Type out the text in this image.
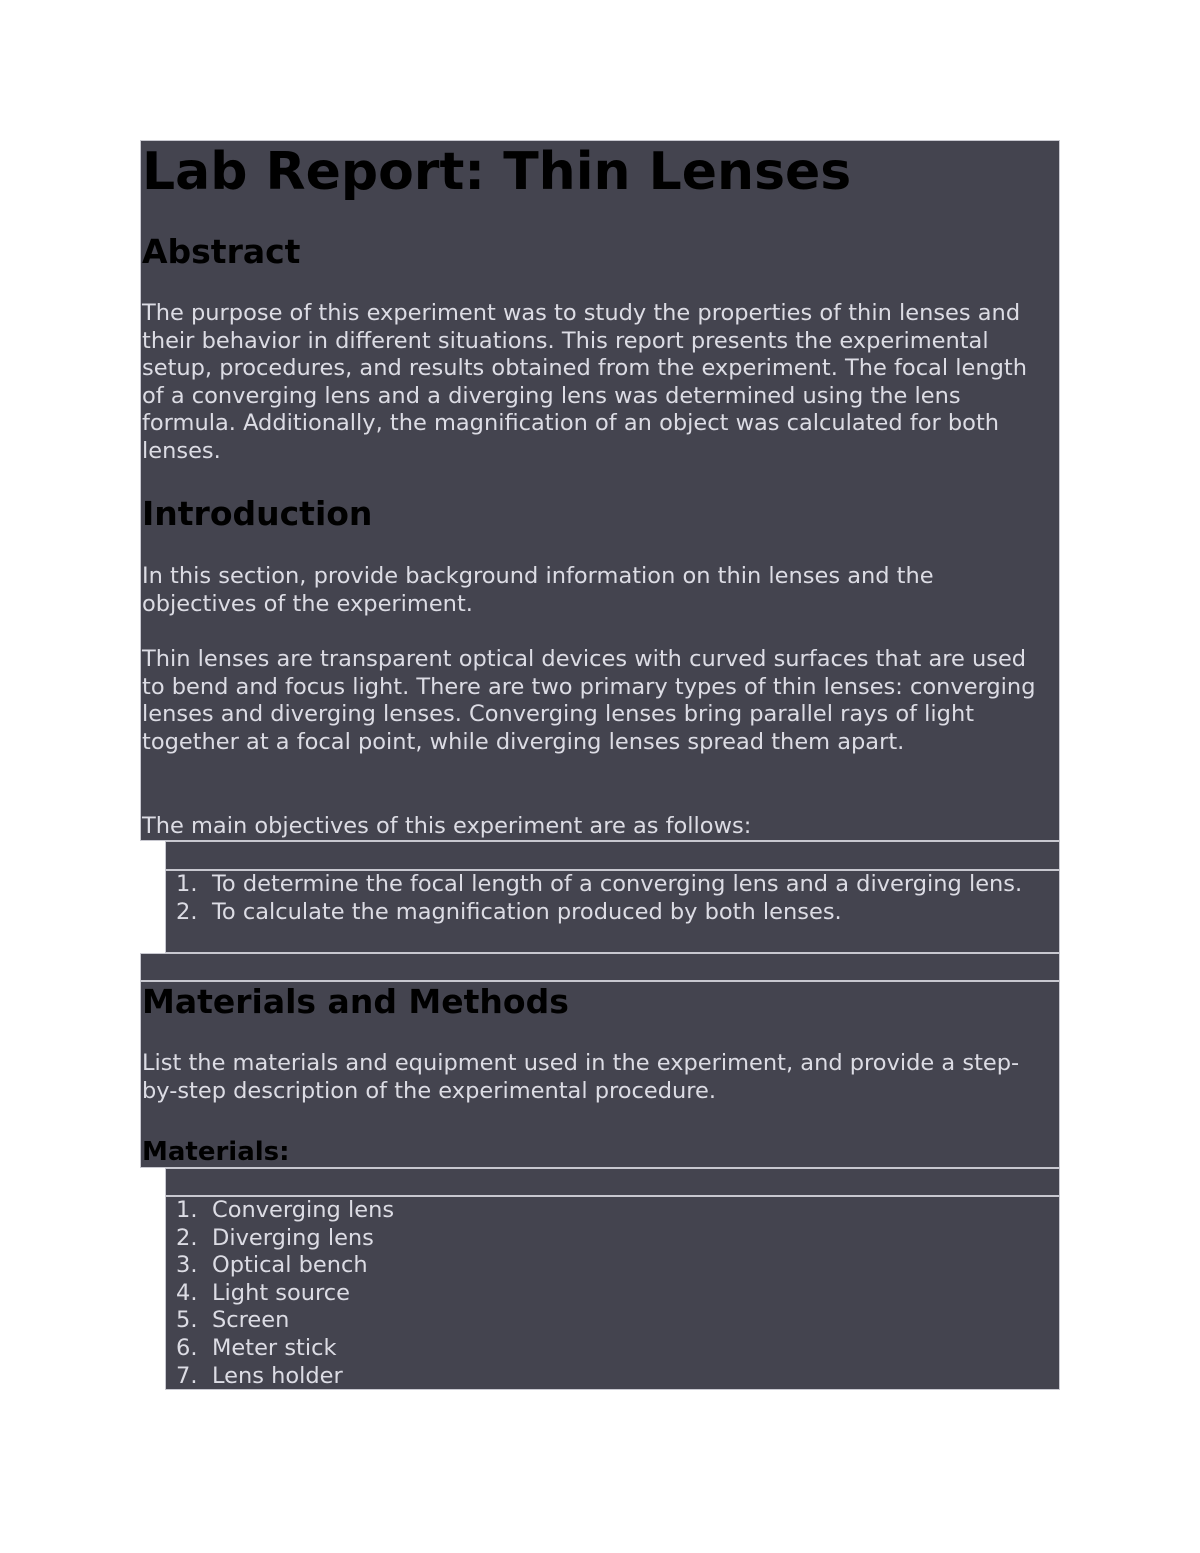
Lab Report: Thin Lenses
Abstract

The purpose of this experiment was to study the properties of thin lenses and their behavior in different situations. This report presents the experimental setup, procedures, and results obtained from the experiment. The focal length of a converging lens and a diverging lens was determined using the lens formula. Additionally, the magnification of an object was calculated for both lenses.

Introduction

In this section, provide background information on thin lenses and the objectives of the experiment.

Thin lenses are transparent optical devices with curved surfaces that are used to bend and focus light. There are two primary types of thin lenses: converging lenses and diverging lenses. Converging lenses bring parallel rays of light together at a focal point, while diverging lenses spread them apart.

The main objectives of this experiment are as follows:

1. To determine the focal length of a converging lens and a diverging lens.
2. To calculate the magnification produced by both lenses.
Materials and Methods

List the materials and equipment used in the experiment, and provide a step-by-step description of the experimental procedure.

Materials:
1. Converging lens
2. Diverging lens
3. Optical bench
4. Light source
5. Screen
6. Meter stick
7. Lens holder
